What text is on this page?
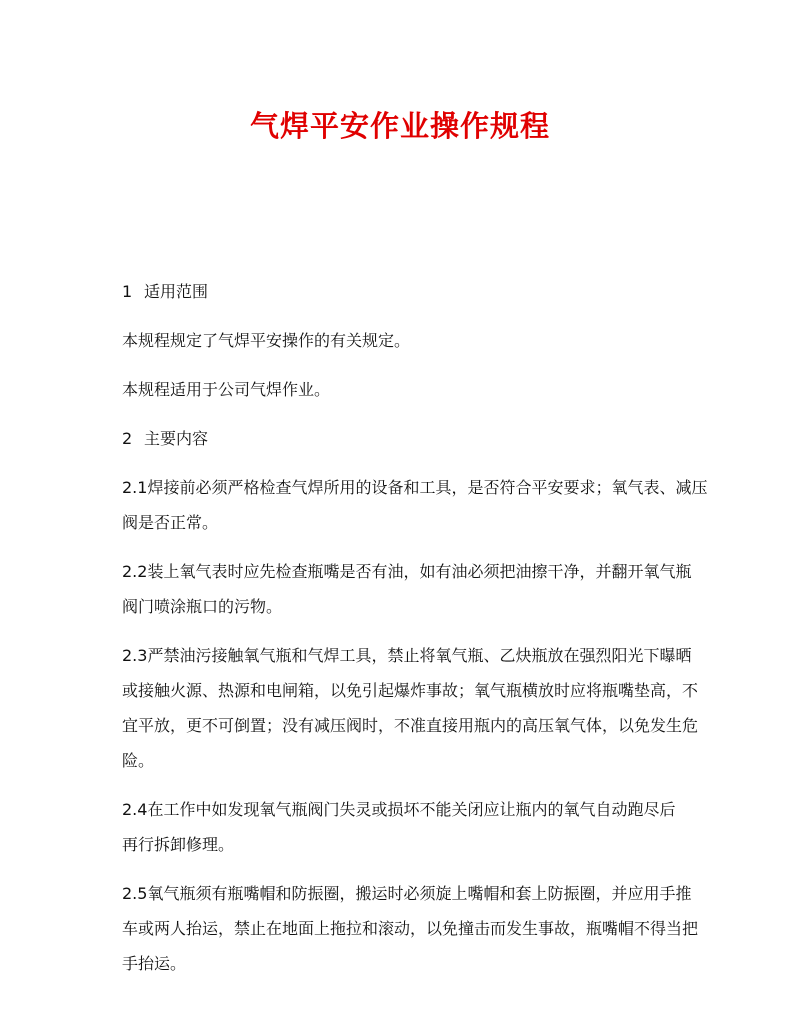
气焊平安作业操作规程
1 适用范围
本规程规定了气焊平安操作的有关规定。
本规程适用于公司气焊作业。
2 主要内容
2.1焊接前必须严格检查气焊所用的设备和工具，是否符合平安要求；氧气表、减压
阀是否正常。
2.2装上氧气表时应先检查瓶嘴是否有油，如有油必须把油擦干净，并翻开氧气瓶
阀门喷涂瓶口的污物。
2.3严禁油污接触氧气瓶和气焊工具，禁止将氧气瓶、乙炔瓶放在强烈阳光下曝晒
或接触火源、热源和电闸箱，以免引起爆炸事故；氧气瓶横放时应将瓶嘴垫高，不
宜平放，更不可倒置；没有减压阀时，不准直接用瓶内的高压氧气体，以免发生危
险。
2.4在工作中如发现氧气瓶阀门失灵或损坏不能关闭应让瓶内的氧气自动跑尽后
再行拆卸修理。
2.5氧气瓶须有瓶嘴帽和防振圈，搬运时必须旋上嘴帽和套上防振圈，并应用手推
车或两人抬运，禁止在地面上拖拉和滚动，以免撞击而发生事故，瓶嘴帽不得当把
手抬运。
